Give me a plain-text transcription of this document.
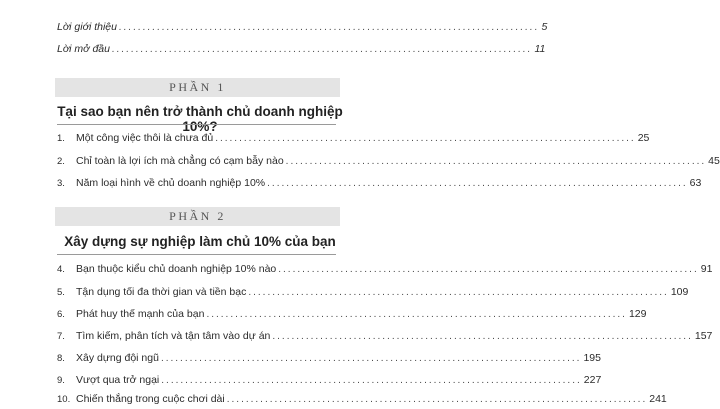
Lời giới thiệu ........................................................................................ 5
Lời mở đầu ........................................................................................ 11
PHẦN 1
Tại sao bạn nên trở thành chủ doanh nghiệp 10%?
1.	Một công việc thôi là chưa đủ ........................................................................................ 25
2.	Chỉ toàn là lợi ích mà chẳng có cạm bẫy nào ........................................................................................ 45
3.	Năm loại hình về chủ doanh nghiệp 10% ........................................................................................ 63
PHẦN 2
Xây dựng sự nghiệp làm chủ 10% của bạn
4.	Bạn thuộc kiểu chủ doanh nghiệp 10% nào ........................................................................................ 91
5.	Tận dụng tối đa thời gian và tiền bạc ........................................................................................ 109
6.	Phát huy thế mạnh của bạn ........................................................................................ 129
7.	Tìm kiếm, phân tích và tận tâm vào dự án ........................................................................................ 157
8.	Xây dựng đội ngũ ........................................................................................ 195
9.	Vượt qua trở ngại ........................................................................................ 227
10. Chiến thắng trong cuộc chơi dài ........................................................................................ 241
